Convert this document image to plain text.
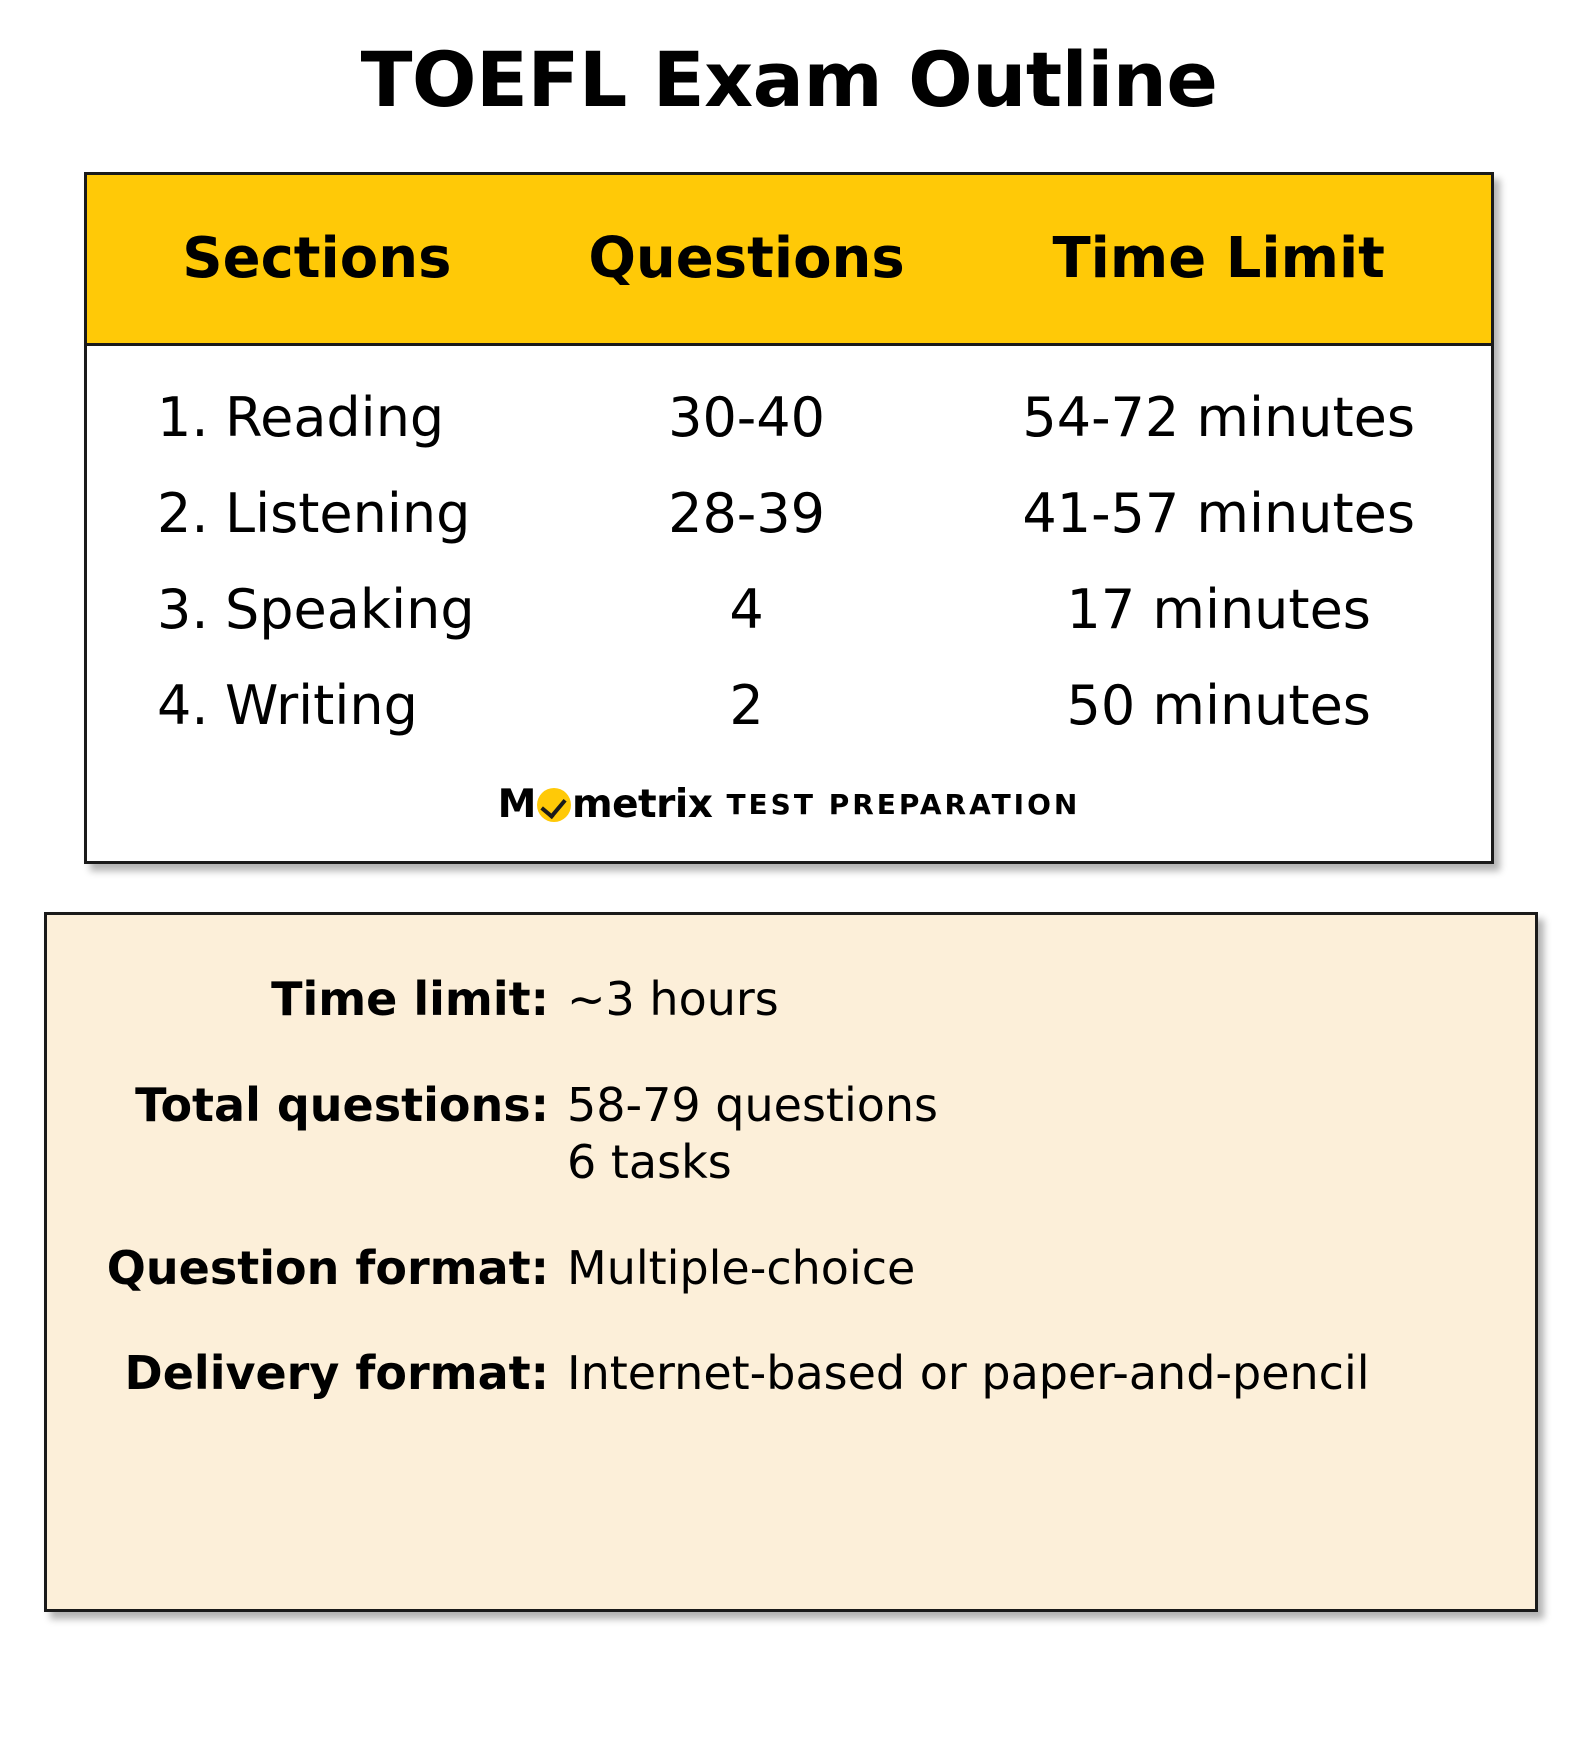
TOEFL Exam Outline
Sections	Questions	Time Limit
1. Reading	30-40	54-72 minutes
2. Listening	28-39	41-57 minutes
3. Speaking	4	17 minutes
4. Writing	2	50 minutes
M metrix TEST PREPARATION
Time limit: ~3 hours
Total questions: 58-79 questions
6 tasks
Question format: Multiple-choice
Delivery format: Internet-based or paper-and-pencil
